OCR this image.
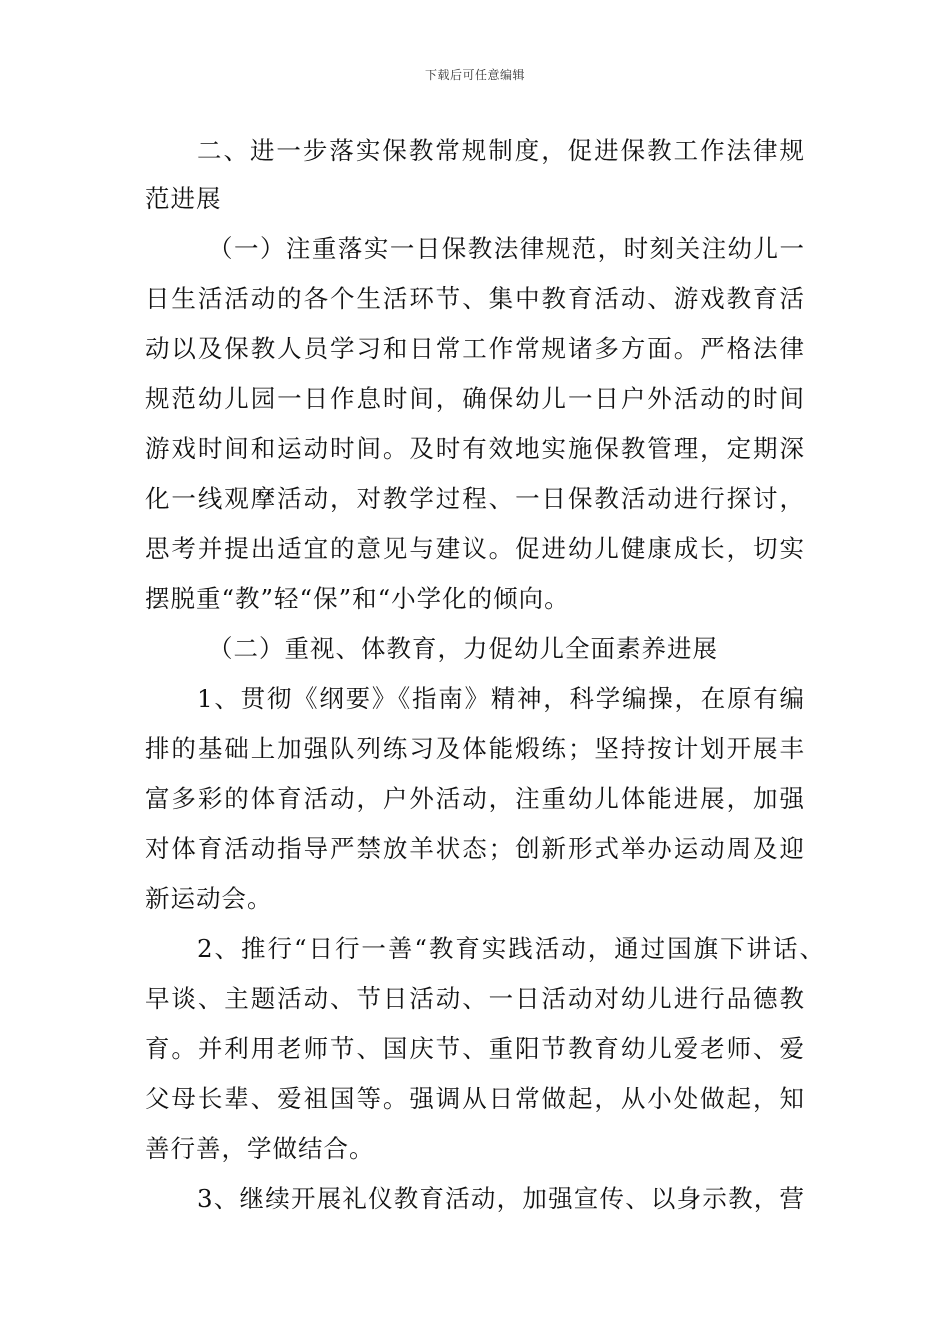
下载后可任意编辑
二、进一步落实保教常规制度，促进保教工作法律规
范进展
（一）注重落实一日保教法律规范，时刻关注幼儿一
日生活活动的各个生活环节、集中教育活动、游戏教育活
动以及保教人员学习和日常工作常规诸多方面。严格法律
规范幼儿园一日作息时间，确保幼儿一日户外活动的时间
游戏时间和运动时间。及时有效地实施保教管理，定期深
化一线观摩活动，对教学过程、一日保教活动进行探讨，
思考并提出适宜的意见与建议。促进幼儿健康成长，切实
摆脱重“教”轻“保”和“小学化的倾向。
（二）重视、体教育，力促幼儿全面素养进展
1、贯彻《纲要》《指南》精神，科学编操，在原有编
排的基础上加强队列练习及体能煅练；坚持按计划开展丰
富多彩的体育活动，户外活动，注重幼儿体能进展，加强
对体育活动指导严禁放羊状态；创新形式举办运动周及迎
新运动会。
2、推行“日行一善“教育实践活动，通过国旗下讲话、
早谈、主题活动、节日活动、一日活动对幼儿进行品德教
育。并利用老师节、国庆节、重阳节教育幼儿爱老师、爱
父母长辈、爱祖国等。强调从日常做起，从小处做起，知
善行善，学做结合。
3、继续开展礼仪教育活动，加强宣传、以身示教，营
